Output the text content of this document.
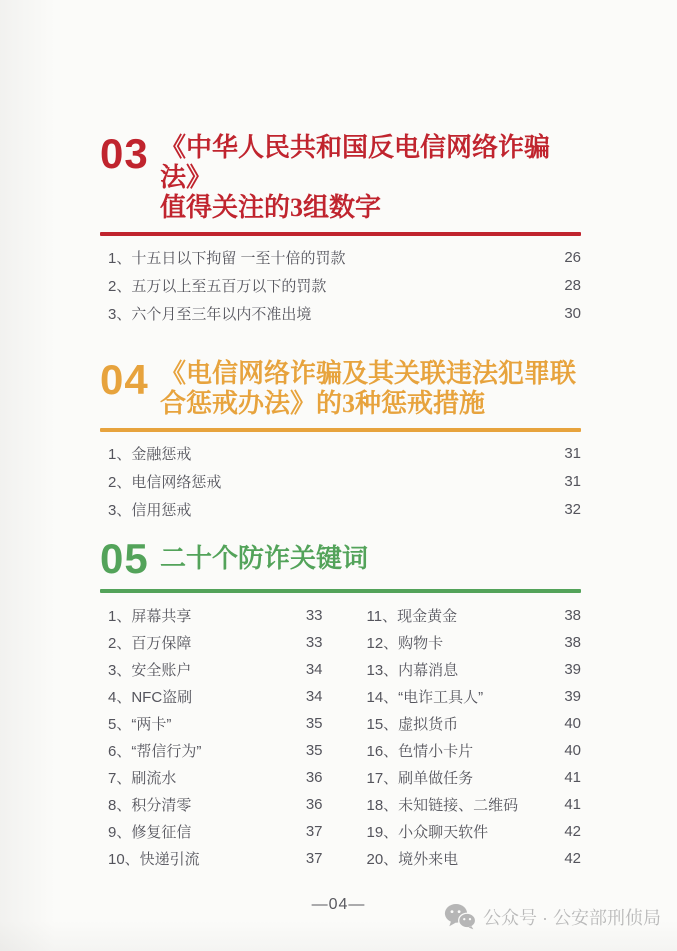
03 《中华人民共和国反电信网络诈骗法》
值得关注的3组数字
1、十五日以下拘留 一至十倍的罚款	26
2、五万以上至五百万以下的罚款	28
3、六个月至三年以内不准出境	30
04 《电信网络诈骗及其关联违法犯罪联
合惩戒办法》的3种惩戒措施
1、金融惩戒	31
2、电信网络惩戒	31
3、信用惩戒	32
05 二十个防诈关键词
1、屏幕共享	33
2、百万保障	33
3、安全账户	34
4、NFC盗刷	34
5、“两卡”	35
6、“帮信行为”	35
7、刷流水	36
8、积分清零	36
9、修复征信	37
10、快递引流	37
11、现金黄金	38
12、购物卡	38
13、内幕消息	39
14、“电诈工具人”	39
15、虚拟货币	40
16、色情小卡片	40
17、刷单做任务	41
18、未知链接、二维码	41
19、小众聊天软件	42
20、境外来电	42
—04—
公众号 · 公安部刑侦局
